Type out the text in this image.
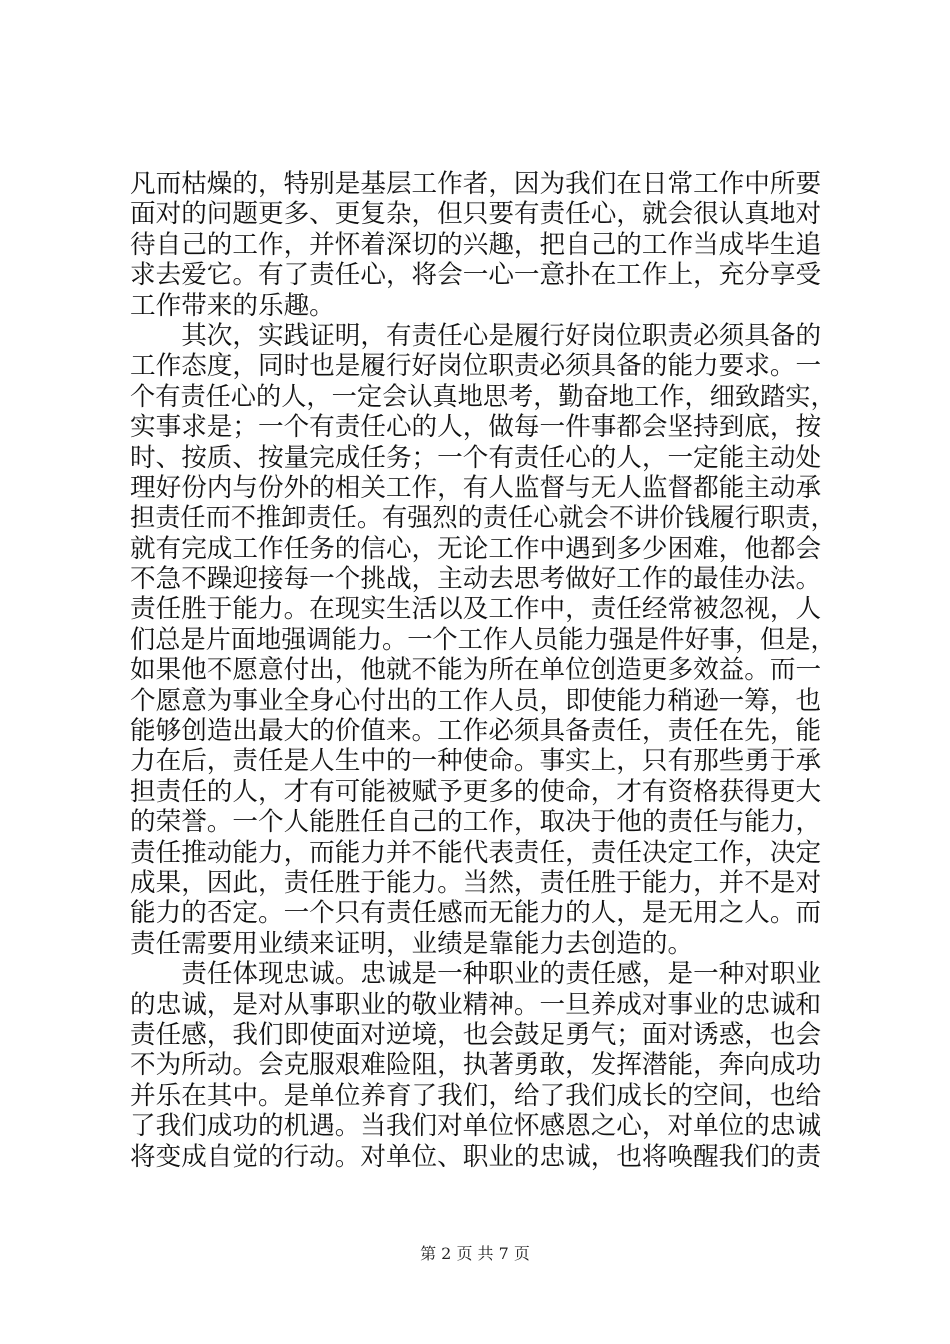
凡而枯燥的，特别是基层工作者，因为我们在日常工作中所要
面对的问题更多、更复杂，但只要有责任心，就会很认真地对
待自己的工作，并怀着深切的兴趣，把自己的工作当成毕生追
求去爱它。有了责任心，将会一心一意扑在工作上，充分享受
工作带来的乐趣。
　　其次，实践证明，有责任心是履行好岗位职责必须具备的
工作态度，同时也是履行好岗位职责必须具备的能力要求。一
个有责任心的人，一定会认真地思考，勤奋地工作，细致踏实，
实事求是；一个有责任心的人，做每一件事都会坚持到底，按
时、按质、按量完成任务；一个有责任心的人，一定能主动处
理好份内与份外的相关工作，有人监督与无人监督都能主动承
担责任而不推卸责任。有强烈的责任心就会不讲价钱履行职责，
就有完成工作任务的信心，无论工作中遇到多少困难，他都会
不急不躁迎接每一个挑战，主动去思考做好工作的最佳办法。
责任胜于能力。在现实生活以及工作中，责任经常被忽视，人
们总是片面地强调能力。一个工作人员能力强是件好事，但是，
如果他不愿意付出，他就不能为所在单位创造更多效益。而一
个愿意为事业全身心付出的工作人员，即使能力稍逊一筹，也
能够创造出最大的价值来。工作必须具备责任，责任在先，能
力在后，责任是人生中的一种使命。事实上，只有那些勇于承
担责任的人，才有可能被赋予更多的使命，才有资格获得更大
的荣誉。一个人能胜任自己的工作，取决于他的责任与能力，
责任推动能力，而能力并不能代表责任，责任决定工作，决定
成果，因此，责任胜于能力。当然，责任胜于能力，并不是对
能力的否定。一个只有责任感而无能力的人，是无用之人。而
责任需要用业绩来证明，业绩是靠能力去创造的。
　　责任体现忠诚。忠诚是一种职业的责任感，是一种对职业
的忠诚，是对从事职业的敬业精神。一旦养成对事业的忠诚和
责任感，我们即使面对逆境，也会鼓足勇气；面对诱惑，也会
不为所动。会克服艰难险阻，执著勇敢，发挥潜能，奔向成功
并乐在其中。是单位养育了我们，给了我们成长的空间，也给
了我们成功的机遇。当我们对单位怀感恩之心，对单位的忠诚
将变成自觉的行动。对单位、职业的忠诚，也将唤醒我们的责
第 2 页 共 7 页
